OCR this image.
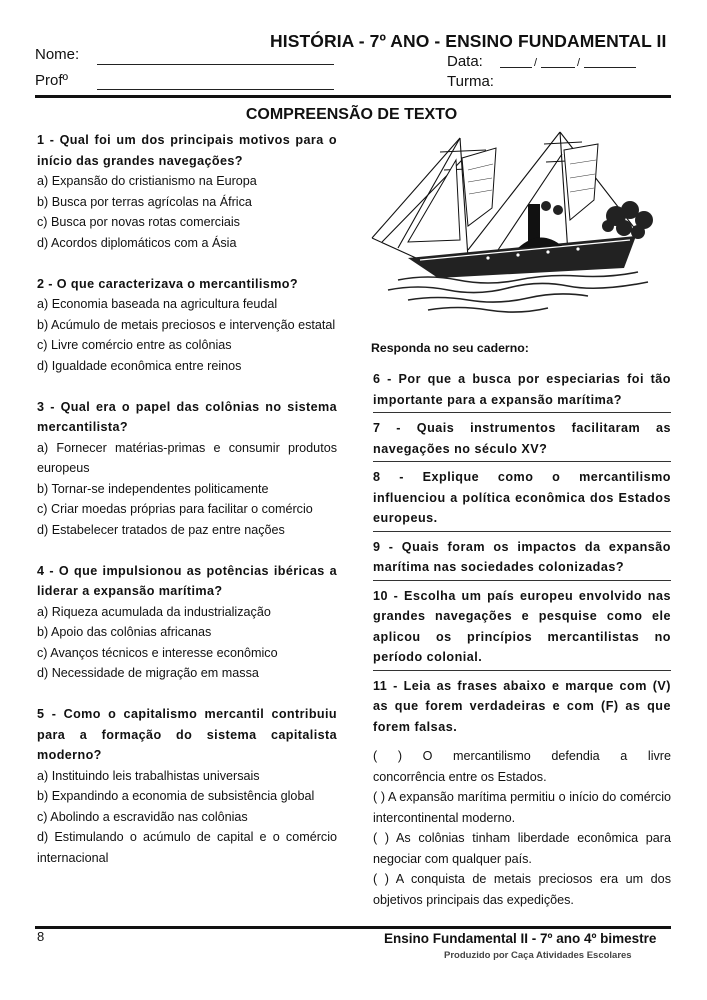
HISTÓRIA - 7º ANO - ENSINO FUNDAMENTAL II
Nome:
Profº
Data:	/	/
Turma:
COMPREENSÃO DE TEXTO
1 - Qual foi um dos principais motivos para o início das grandes navegações?
a) Expansão do cristianismo na Europa
b) Busca por terras agrícolas na África
c) Busca por novas rotas comerciais
d) Acordos diplomáticos com a Ásia
2 - O que caracterizava o mercantilismo?
a) Economia baseada na agricultura feudal
b) Acúmulo de metais preciosos e intervenção estatal
c) Livre comércio entre as colônias
d) Igualdade econômica entre reinos
3 - Qual era o papel das colônias no sistema mercantilista?
a) Fornecer matérias-primas e consumir produtos europeus
b) Tornar-se independentes politicamente
c) Criar moedas próprias para facilitar o comércio
d) Estabelecer tratados de paz entre nações
4 - O que impulsionou as potências ibéricas a liderar a expansão marítima?
a) Riqueza acumulada da industrialização
b) Apoio das colônias africanas
c) Avanços técnicos e interesse econômico
d) Necessidade de migração em massa
5 - Como o capitalismo mercantil contribuiu para a formação do sistema capitalista moderno?
a) Instituindo leis trabalhistas universais
b) Expandindo a economia de subsistência global
c) Abolindo a escravidão nas colônias
d) Estimulando o acúmulo de capital e o comércio internacional
Responda no seu caderno:
6 - Por que a busca por especiarias foi tão importante para a expansão marítima?
7 - Quais instrumentos facilitaram as navegações no século XV?
8 - Explique como o mercantilismo influenciou a política econômica dos Estados europeus.
9 - Quais foram os impactos da expansão marítima nas sociedades colonizadas?
10 - Escolha um país europeu envolvido nas grandes navegações e pesquise como ele aplicou os princípios mercantilistas no período colonial.
11 - Leia as frases abaixo e marque com (V) as que forem verdadeiras e com (F) as que forem falsas.
(   )   O   mercantilismo   defendia   a   livre concorrência entre os Estados.
( ) A expansão marítima permitiu o início do comércio intercontinental moderno.
( ) As colônias tinham liberdade econômica para negociar com qualquer país.
( ) A conquista de metais preciosos era um dos objetivos principais das expedições.
8	Ensino Fundamental II - 7º ano 4º bimestre
Produzido por Caça Atividades Escolares
